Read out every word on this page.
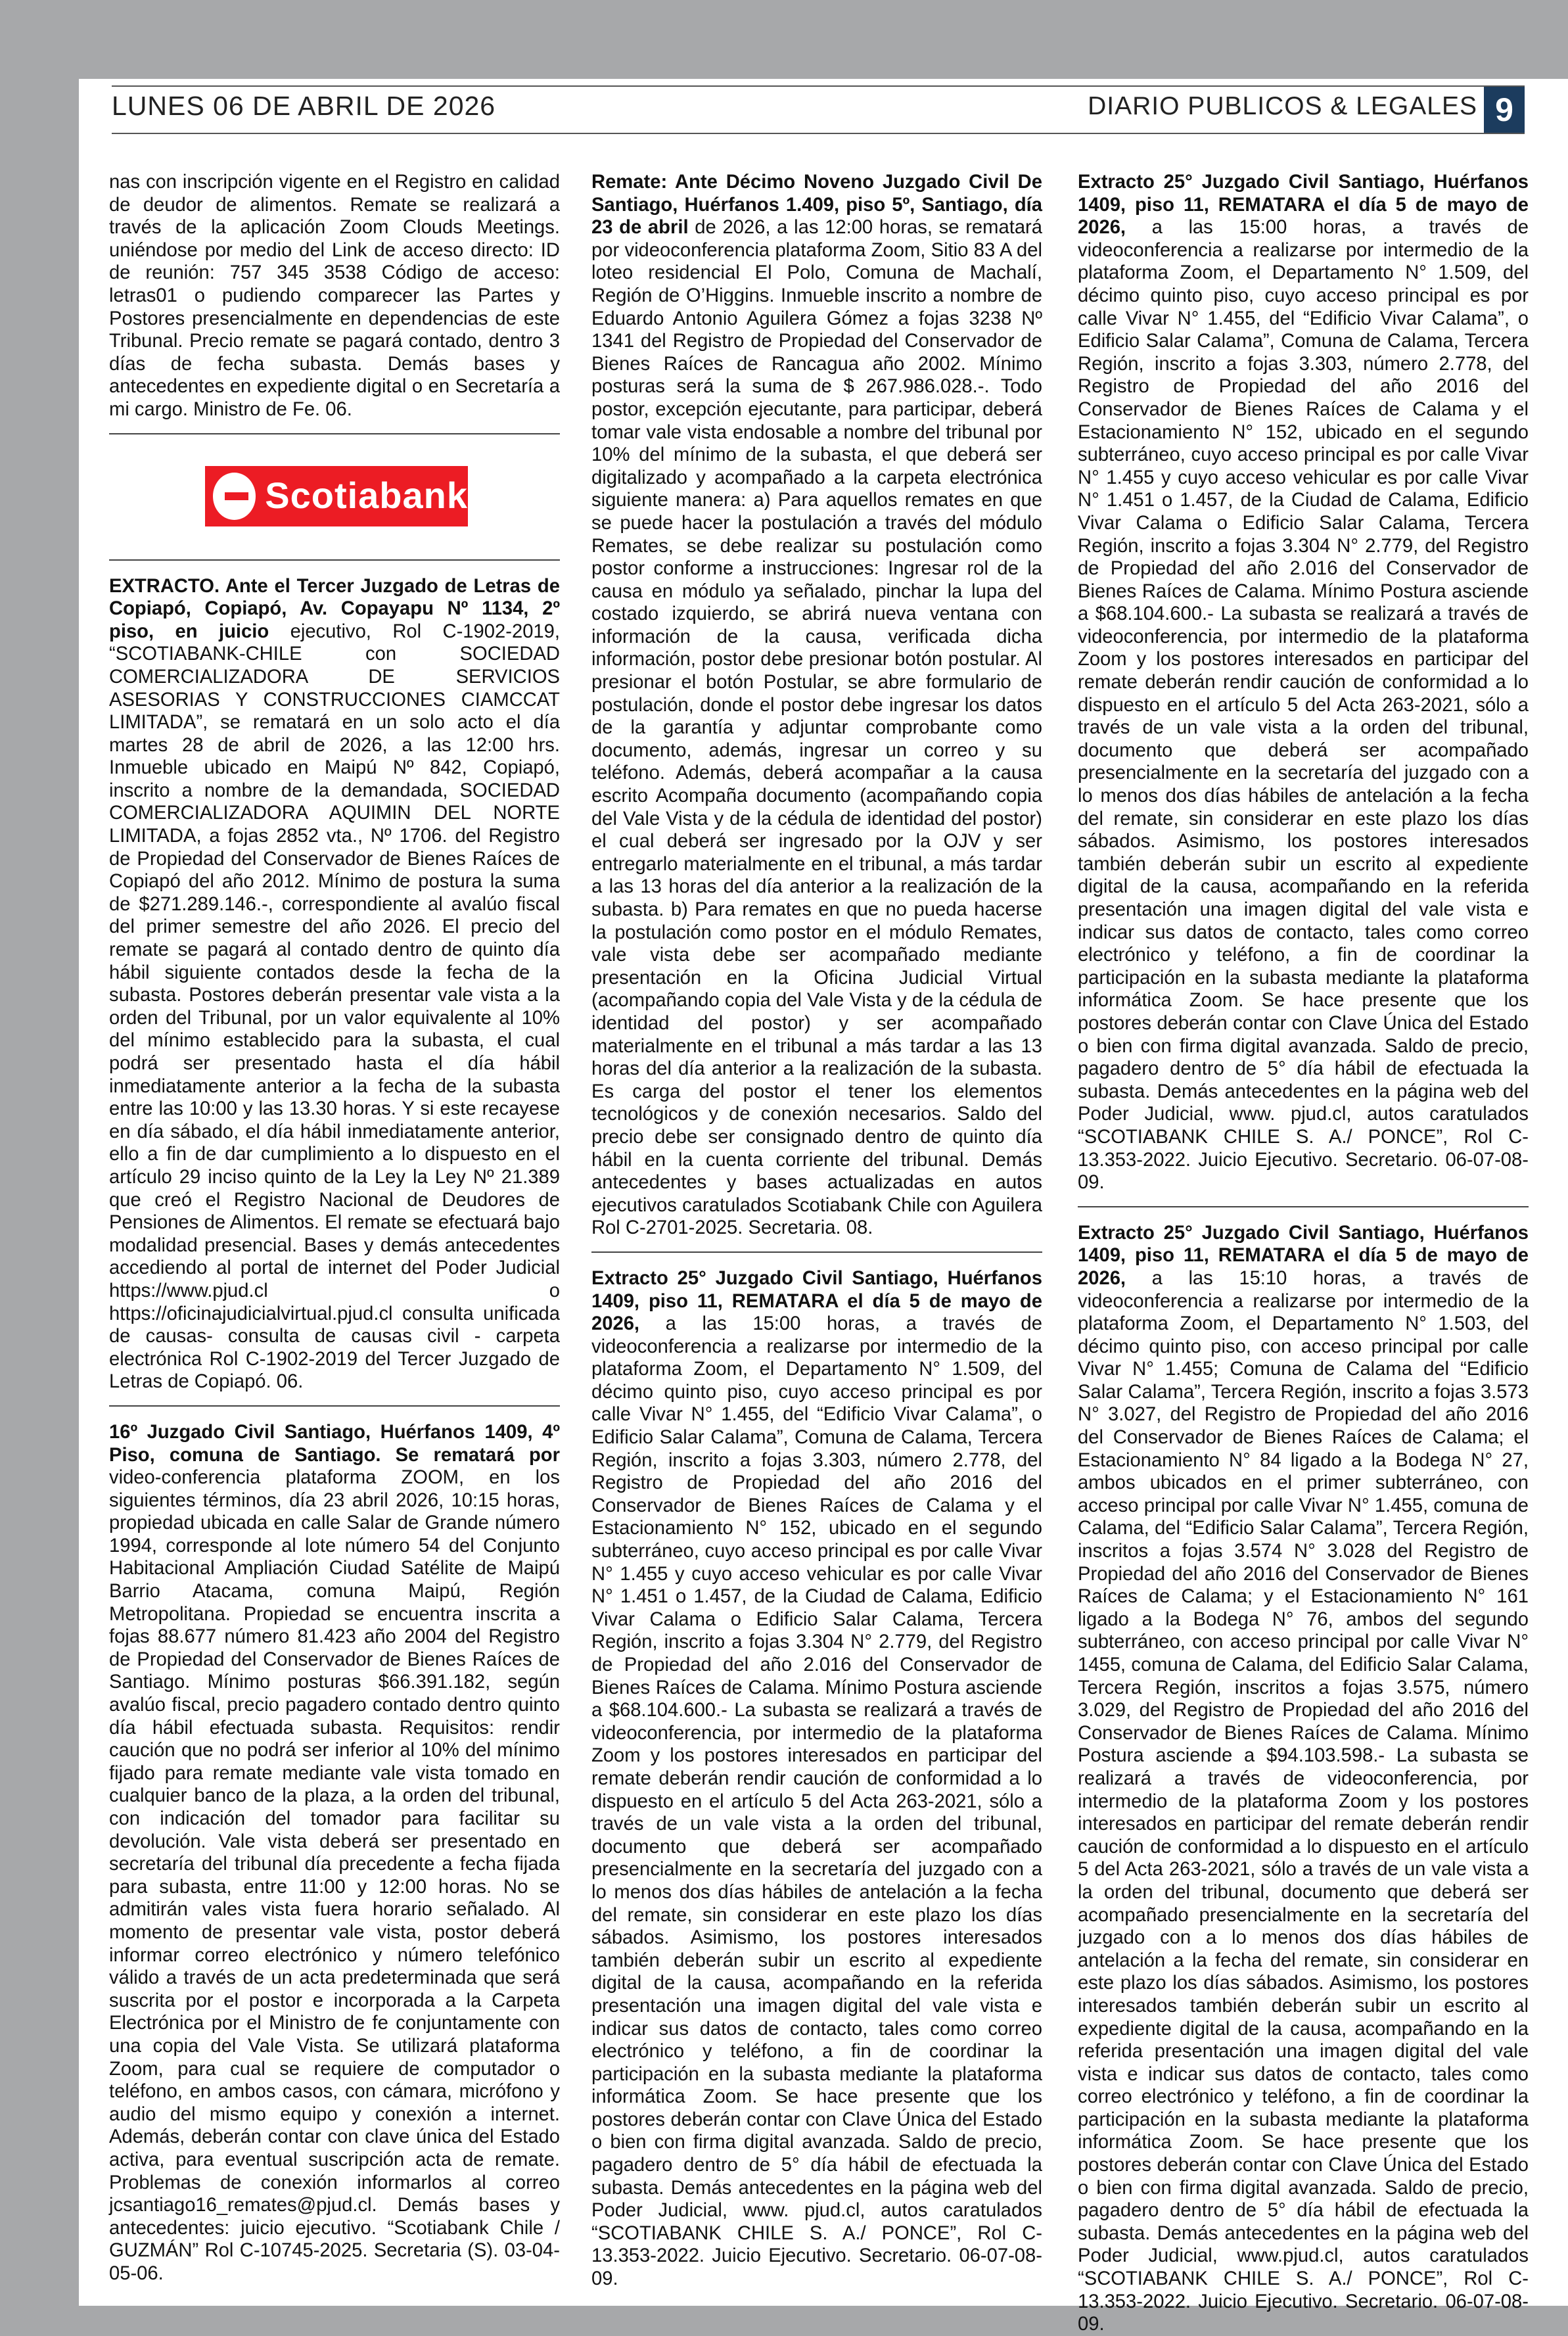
LUNES 06 DE ABRIL DE 2026	DIARIO PUBLICOS & LEGALES 9

nas con inscripción vigente en el Registro en calidad de deudor de alimentos. Remate se realizará a través de la aplicación Zoom Clouds Meetings. uniéndose por medio del Link de acceso directo: ID de reunión: 757 345 3538 Código de acceso: letras01 o pudiendo comparecer las Partes y Postores presencialmente en dependencias de este Tribunal. Precio remate se pagará contado, dentro 3 días de fecha subasta. Demás bases y antecedentes en expediente digital o en Secretaría a mi cargo. Ministro de Fe. 06.

Scotiabank

EXTRACTO. Ante el Tercer Juzgado de Letras de Copiapó, Copiapó, Av. Copayapu Nº 1134, 2º piso, en juicio ejecutivo, Rol C-1902-2019, “SCOTIABANK-CHILE con SOCIEDAD COMERCIALIZADORA DE SERVICIOS ASESORIAS Y CONSTRUCCIONES CIAMCCAT LIMITADA”, se rematará en un solo acto el día martes 28 de abril de 2026, a las 12:00 hrs. Inmueble ubicado en Maipú Nº 842, Copiapó, inscrito a nombre de la demandada, SOCIEDAD COMERCIALIZADORA AQUIMIN DEL NORTE LIMITADA, a fojas 2852 vta., Nº 1706. del Registro de Propiedad del Conservador de Bienes Raíces de Copiapó del año 2012. Mínimo de postura la suma de $271.289.146.-, correspondiente al avalúo fiscal del primer semestre del año 2026. El precio del remate se pagará al contado dentro de quinto día hábil siguiente contados desde la fecha de la subasta. Postores deberán presentar vale vista a la orden del Tribunal, por un valor equivalente al 10% del mínimo establecido para la subasta, el cual podrá ser presentado hasta el día hábil inmediatamente anterior a la fecha de la subasta entre las 10:00 y las 13.30 horas. Y si este recayese en día sábado, el día hábil inmediatamente anterior, ello a fin de dar cumplimiento a lo dispuesto en el artículo 29 inciso quinto de la Ley la Ley Nº 21.389 que creó el Registro Nacional de Deudores de Pensiones de Alimentos. El remate se efectuará bajo modalidad presencial. Bases y demás antecedentes accediendo al portal de internet del Poder Judicial https://www.pjud.cl o https://oficinajudicialvirtual.pjud.cl consulta unificada de causas- consulta de causas civil - carpeta electrónica Rol C-1902-2019 del Tercer Juzgado de Letras de Copiapó. 06.

16º Juzgado Civil Santiago, Huérfanos 1409, 4º Piso, comuna de Santiago. Se rematará por video-conferencia plataforma ZOOM, en los siguientes términos, día 23 abril 2026, 10:15 horas, propiedad ubicada en calle Salar de Grande número 1994, corresponde al lote número 54 del Conjunto Habitacional Ampliación Ciudad Satélite de Maipú Barrio Atacama, comuna Maipú, Región Metropolitana. Propiedad se encuentra inscrita a fojas 88.677 número 81.423 año 2004 del Registro de Propiedad del Conservador de Bienes Raíces de Santiago. Mínimo posturas $66.391.182, según avalúo fiscal, precio pagadero contado dentro quinto día hábil efectuada subasta. Requisitos: rendir caución que no podrá ser inferior al 10% del mínimo fijado para remate mediante vale vista tomado en cualquier banco de la plaza, a la orden del tribunal, con indicación del tomador para facilitar su devolución. Vale vista deberá ser presentado en secretaría del tribunal día precedente a fecha fijada para subasta, entre 11:00 y 12:00 horas. No se admitirán vales vista fuera horario señalado. Al momento de presentar vale vista, postor deberá informar correo electrónico y número telefónico válido a través de un acta predeterminada que será suscrita por el postor e incorporada a la Carpeta Electrónica por el Ministro de fe conjuntamente con una copia del Vale Vista. Se utilizará plataforma Zoom, para cual se requiere de computador o teléfono, en ambos casos, con cámara, micrófono y audio del mismo equipo y conexión a internet. Además, deberán contar con clave única del Estado activa, para eventual suscripción acta de remate. Problemas de conexión informarlos al correo jcsantiago16_remates@pjud.cl. Demás bases y antecedentes: juicio ejecutivo. “Scotiabank Chile / GUZMÁN” Rol C-10745-2025. Secretaria (S). 03-04-05-06.

Remate: Ante Décimo Noveno Juzgado Civil De Santiago, Huérfanos 1.409, piso 5º, Santiago, día 23 de abril de 2026, a las 12:00 horas, se rematará por videoconferencia plataforma Zoom, Sitio 83 A del loteo residencial El Polo, Comuna de Machalí, Región de O’Higgins. Inmueble inscrito a nombre de Eduardo Antonio Aguilera Gómez a fojas 3238 Nº 1341 del Registro de Propiedad del Conservador de Bienes Raíces de Rancagua año 2002. Mínimo posturas será la suma de $ 267.986.028.-. Todo postor, excepción ejecutante, para participar, deberá tomar vale vista endosable a nombre del tribunal por 10% del mínimo de la subasta, el que deberá ser digitalizado y acompañado a la carpeta electrónica siguiente manera: a) Para aquellos remates en que se puede hacer la postulación a través del módulo Remates, se debe realizar su postulación como postor conforme a instrucciones: Ingresar rol de la causa en módulo ya señalado, pinchar la lupa del costado izquierdo, se abrirá nueva ventana con información de la causa, verificada dicha información, postor debe presionar botón postular. Al presionar el botón Postular, se abre formulario de postulación, donde el postor debe ingresar los datos de la garantía y adjuntar comprobante como documento, además, ingresar un correo y su teléfono. Además, deberá acompañar a la causa escrito Acompaña documento (acompañando copia del Vale Vista y de la cédula de identidad del postor) el cual deberá ser ingresado por la OJV y ser entregarlo materialmente en el tribunal, a más tardar a las 13 horas del día anterior a la realización de la subasta. b) Para remates en que no pueda hacerse la postulación como postor en el módulo Remates, vale vista debe ser acompañado mediante presentación en la Oficina Judicial Virtual (acompañando copia del Vale Vista y de la cédula de identidad del postor) y ser acompañado materialmente en el tribunal a más tardar a las 13 horas del día anterior a la realización de la subasta. Es carga del postor el tener los elementos tecnológicos y de conexión necesarios. Saldo del precio debe ser consignado dentro de quinto día hábil en la cuenta corriente del tribunal. Demás antecedentes y bases actualizadas en autos ejecutivos caratulados Scotiabank Chile con Aguilera Rol C-2701-2025. Secretaria. 08.

Extracto 25° Juzgado Civil Santiago, Huérfanos 1409, piso 11, REMATARA el día 5 de mayo de 2026, a las 15:00 horas, a través de videoconferencia a realizarse por intermedio de la plataforma Zoom, el Departamento N° 1.509, del décimo quinto piso, cuyo acceso principal es por calle Vivar N° 1.455, del “Edificio Vivar Calama”, o Edificio Salar Calama”, Comuna de Calama, Tercera Región, inscrito a fojas 3.303, número 2.778, del Registro de Propiedad del año 2016 del Conservador de Bienes Raíces de Calama y el Estacionamiento N° 152, ubicado en el segundo subterráneo, cuyo acceso principal es por calle Vivar N° 1.455 y cuyo acceso vehicular es por calle Vivar N° 1.451 o 1.457, de la Ciudad de Calama, Edificio Vivar Calama o Edificio Salar Calama, Tercera Región, inscrito a fojas 3.304 N° 2.779, del Registro de Propiedad del año 2.016 del Conservador de Bienes Raíces de Calama. Mínimo Postura asciende a $68.104.600.- La subasta se realizará a través de videoconferencia, por intermedio de la plataforma Zoom y los postores interesados en participar del remate deberán rendir caución de conformidad a lo dispuesto en el artículo 5 del Acta 263-2021, sólo a través de un vale vista a la orden del tribunal, documento que deberá ser acompañado presencialmente en la secretaría del juzgado con a lo menos dos días hábiles de antelación a la fecha del remate, sin considerar en este plazo los días sábados. Asimismo, los postores interesados también deberán subir un escrito al expediente digital de la causa, acompañando en la referida presentación una imagen digital del vale vista e indicar sus datos de contacto, tales como correo electrónico y teléfono, a fin de coordinar la participación en la subasta mediante la plataforma informática Zoom. Se hace presente que los postores deberán contar con Clave Única del Estado o bien con firma digital avanzada. Saldo de precio, pagadero dentro de 5° día hábil de efectuada la subasta. Demás antecedentes en la página web del Poder Judicial, www. pjud.cl, autos caratulados “SCOTIABANK CHILE S. A./ PONCE”, Rol C-13.353-2022. Juicio Ejecutivo. Secretario. 06-07-08-09.

Extracto 25° Juzgado Civil Santiago, Huérfanos 1409, piso 11, REMATARA el día 5 de mayo de 2026, a las 15:00 horas, a través de videoconferencia a realizarse por intermedio de la plataforma Zoom, el Departamento N° 1.509, del décimo quinto piso, cuyo acceso principal es por calle Vivar N° 1.455, del “Edificio Vivar Calama”, o Edificio Salar Calama”, Comuna de Calama, Tercera Región, inscrito a fojas 3.303, número 2.778, del Registro de Propiedad del año 2016 del Conservador de Bienes Raíces de Calama y el Estacionamiento N° 152, ubicado en el segundo subterráneo, cuyo acceso principal es por calle Vivar N° 1.455 y cuyo acceso vehicular es por calle Vivar N° 1.451 o 1.457, de la Ciudad de Calama, Edificio Vivar Calama o Edificio Salar Calama, Tercera Región, inscrito a fojas 3.304 N° 2.779, del Registro de Propiedad del año 2.016 del Conservador de Bienes Raíces de Calama. Mínimo Postura asciende a $68.104.600.- La subasta se realizará a través de videoconferencia, por intermedio de la plataforma Zoom y los postores interesados en participar del remate deberán rendir caución de conformidad a lo dispuesto en el artículo 5 del Acta 263-2021, sólo a través de un vale vista a la orden del tribunal, documento que deberá ser acompañado presencialmente en la secretaría del juzgado con a lo menos dos días hábiles de antelación a la fecha del remate, sin considerar en este plazo los días sábados. Asimismo, los postores interesados también deberán subir un escrito al expediente digital de la causa, acompañando en la referida presentación una imagen digital del vale vista e indicar sus datos de contacto, tales como correo electrónico y teléfono, a fin de coordinar la participación en la subasta mediante la plataforma informática Zoom. Se hace presente que los postores deberán contar con Clave Única del Estado o bien con firma digital avanzada. Saldo de precio, pagadero dentro de 5° día hábil de efectuada la subasta. Demás antecedentes en la página web del Poder Judicial, www. pjud.cl, autos caratulados “SCOTIABANK CHILE S. A./ PONCE”, Rol C-13.353-2022. Juicio Ejecutivo. Secretario. 06-07-08-09.

Extracto 25° Juzgado Civil Santiago, Huérfanos 1409, piso 11, REMATARA el día 5 de mayo de 2026, a las 15:10 horas, a través de videoconferencia a realizarse por intermedio de la plataforma Zoom, el Departamento N° 1.503, del décimo quinto piso, con acceso principal por calle Vivar N° 1.455; Comuna de Calama del “Edificio Salar Calama”, Tercera Región, inscrito a fojas 3.573 N° 3.027, del Registro de Propiedad del año 2016 del Conservador de Bienes Raíces de Calama; el Estacionamiento N° 84 ligado a la Bodega N° 27, ambos ubicados en el primer subterráneo, con acceso principal por calle Vivar N° 1.455, comuna de Calama, del “Edificio Salar Calama”, Tercera Región, inscritos a fojas 3.574 N° 3.028 del Registro de Propiedad del año 2016 del Conservador de Bienes Raíces de Calama; y el Estacionamiento N° 161 ligado a la Bodega N° 76, ambos del segundo subterráneo, con acceso principal por calle Vivar N° 1455, comuna de Calama, del Edificio Salar Calama, Tercera Región, inscritos a fojas 3.575, número 3.029, del Registro de Propiedad del año 2016 del Conservador de Bienes Raíces de Calama. Mínimo Postura asciende a $94.103.598.- La subasta se realizará a través de videoconferencia, por intermedio de la plataforma Zoom y los postores interesados en participar del remate deberán rendir caución de conformidad a lo dispuesto en el artículo 5 del Acta 263-2021, sólo a través de un vale vista a la orden del tribunal, documento que deberá ser acompañado presencialmente en la secretaría del juzgado con a lo menos dos días hábiles de antelación a la fecha del remate, sin considerar en este plazo los días sábados. Asimismo, los postores interesados también deberán subir un escrito al expediente digital de la causa, acompañando en la referida presentación una imagen digital del vale vista e indicar sus datos de contacto, tales como correo electrónico y teléfono, a fin de coordinar la participación en la subasta mediante la plataforma informática Zoom. Se hace presente que los postores deberán contar con Clave Única del Estado o bien con firma digital avanzada. Saldo de precio, pagadero dentro de 5° día hábil de efectuada la subasta. Demás antecedentes en la página web del Poder Judicial, www.pjud.cl, autos caratulados “SCOTIABANK CHILE S. A./ PONCE”, Rol C-13.353-2022. Juicio Ejecutivo. Secretario. 06-07-08-09.
